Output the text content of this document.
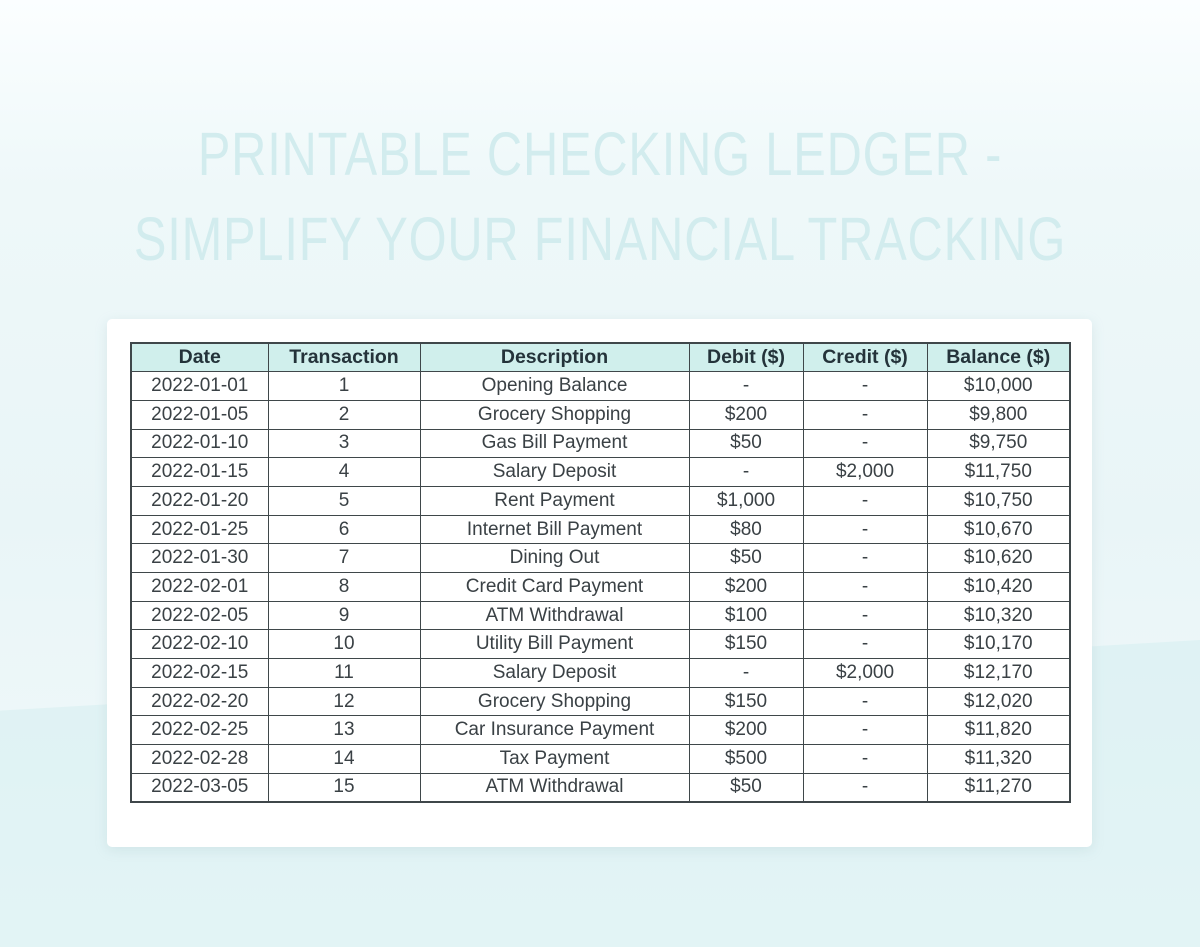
PRINTABLE CHECKING LEDGER -
SIMPLIFY YOUR FINANCIAL TRACKING
Date	Transaction	Description	Debit ($)	Credit ($)	Balance ($)
2022-01-01	1	Opening Balance	-	-	$10,000
2022-01-05	2	Grocery Shopping	$200	-	$9,800
2022-01-10	3	Gas Bill Payment	$50	-	$9,750
2022-01-15	4	Salary Deposit	-	$2,000	$11,750
2022-01-20	5	Rent Payment	$1,000	-	$10,750
2022-01-25	6	Internet Bill Payment	$80	-	$10,670
2022-01-30	7	Dining Out	$50	-	$10,620
2022-02-01	8	Credit Card Payment	$200	-	$10,420
2022-02-05	9	ATM Withdrawal	$100	-	$10,320
2022-02-10	10	Utility Bill Payment	$150	-	$10,170
2022-02-15	11	Salary Deposit	-	$2,000	$12,170
2022-02-20	12	Grocery Shopping	$150	-	$12,020
2022-02-25	13	Car Insurance Payment	$200	-	$11,820
2022-02-28	14	Tax Payment	$500	-	$11,320
2022-03-05	15	ATM Withdrawal	$50	-	$11,270
